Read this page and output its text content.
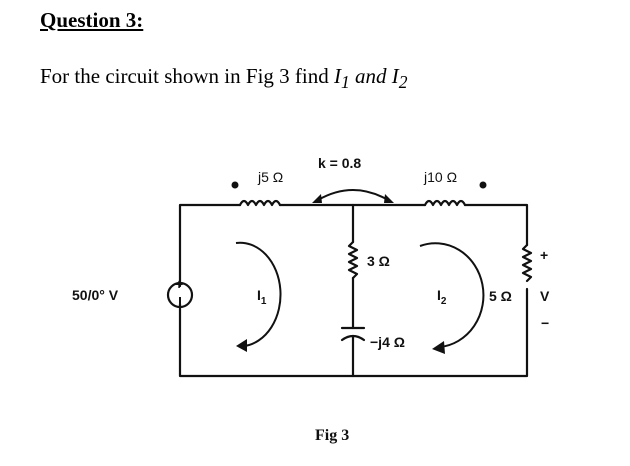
Question 3:
For the circuit shown in Fig 3 find $I_1$ and $I_2$
+
50/0° V
j5 Ω
k = 0.8
j10 Ω
3 Ω
−j4 Ω
5 Ω V
+
−
$I_1$	$I_2$
Fig 3
